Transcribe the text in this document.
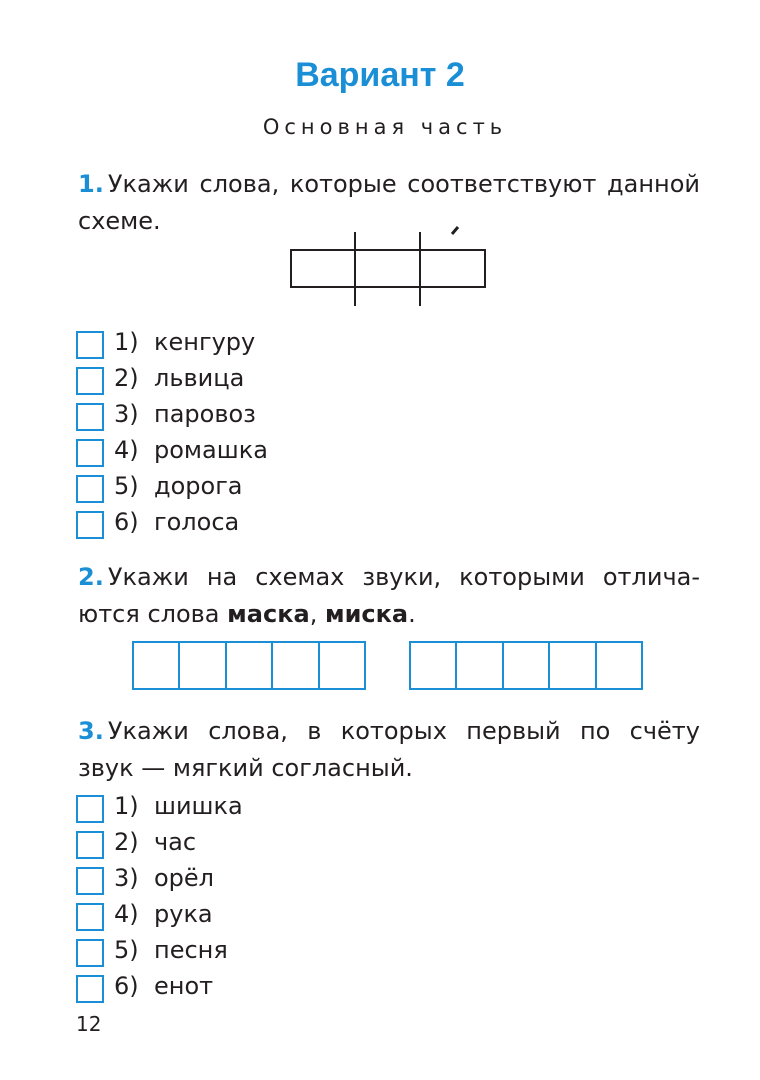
Вариант 2
Основная часть
1. Укажи слова, которые соответствуют данной
схеме.
1) кенгуру
2) львица
3) паровоз
4) ромашка
5) дорога
6) голоса
2. Укажи на схемах звуки, которыми отлича-
ются слова маска, миска.
3. Укажи слова, в которых первый по счёту
звук — мягкий согласный.
1) шишка
2) час
3) орёл
4) рука
5) песня
6) енот
12
